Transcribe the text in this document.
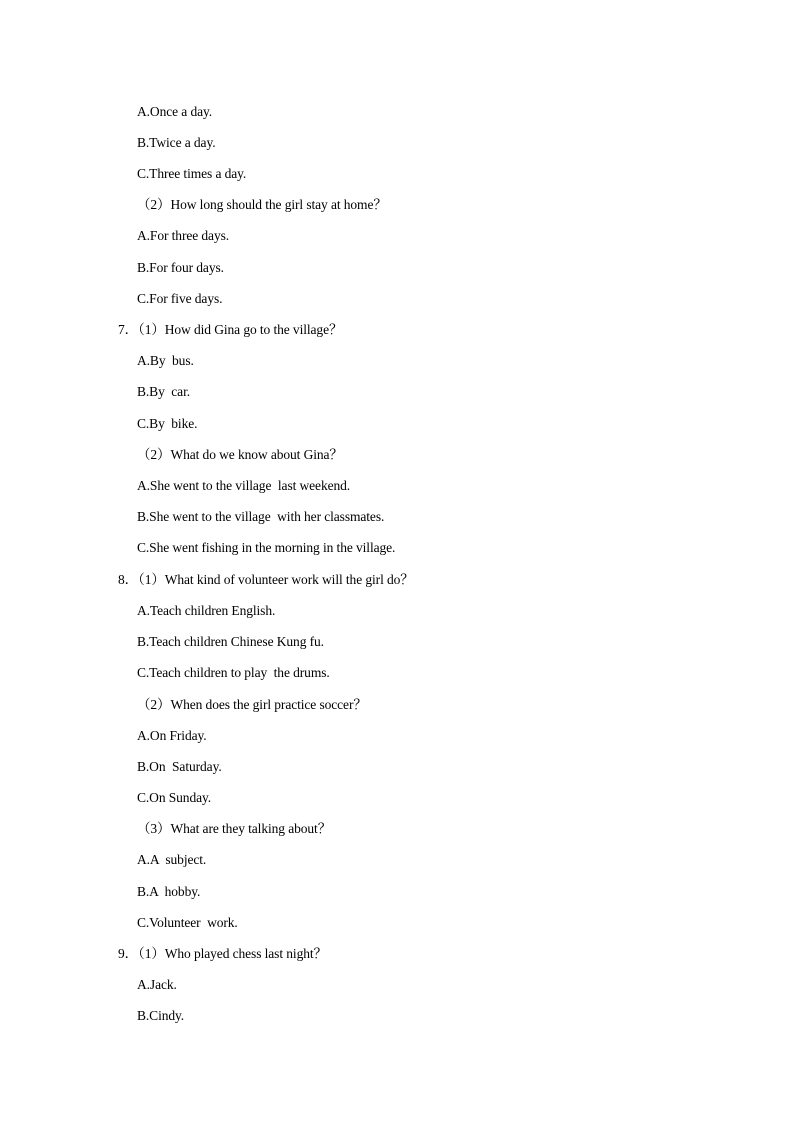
A.Once a day.
B.Twice a day.
C.Three times a day.
（2）How long should the girl stay at home？
A.For three days.
B.For four days.
C.For five days.
7．（1）How did Gina go to the village？
A.By  bus.
B.By  car.
C.By  bike.
（2）What do we know about Gina？
A.She went to the village  last weekend.
B.She went to the village  with her classmates.
C.She went fishing in the morning in the village.
8．（1）What kind of volunteer work will the girl do？
A.Teach children English.
B.Teach children Chinese Kung fu.
C.Teach children to play  the drums.
（2）When does the girl practice soccer？
A.On Friday.
B.On  Saturday.
C.On Sunday.
（3）What are they talking about？
A.A  subject.
B.A  hobby.
C.Volunteer  work.
9．（1）Who played chess last night？
A.Jack.
B.Cindy.
